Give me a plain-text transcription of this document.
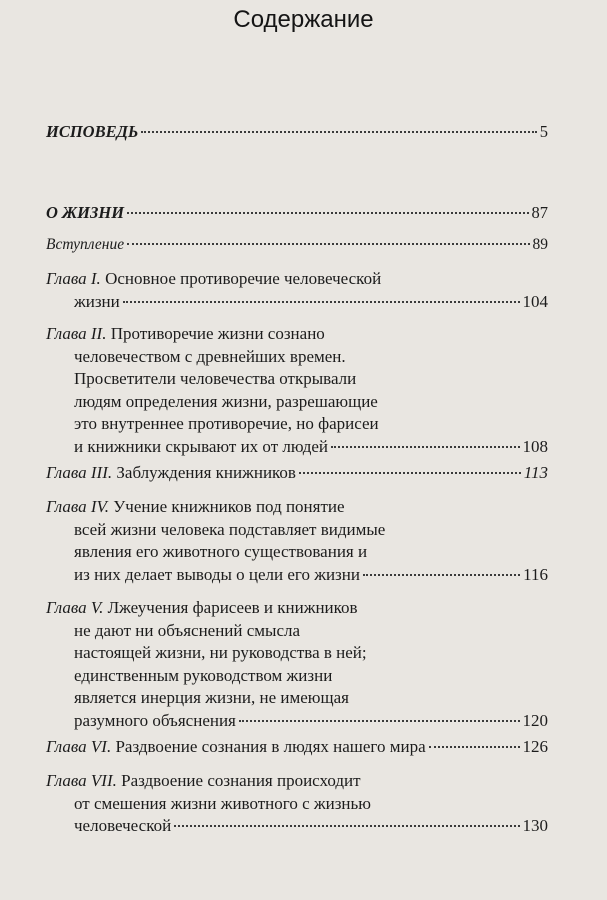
Содержание
ИСПОВЕДЬ	5
О ЖИЗНИ	87
Вступление	89
Глава I.
Основное противоречие человеческой
жизни	104
Глава II.
Противоречие жизни сознано
человечеством с древнейших времен.
Просветители человечества открывали
людям определения жизни, разрешающие
это внутреннее противоречие, но фарисеи
и книжники скрывают их от людей	108
Глава III.
Заблуждения книжников	113
Глава IV.
Учение книжников под понятие
всей жизни человека подставляет видимые
явления его животного существования и
из них делает выводы о цели его жизни	116
Глава V.
Лжеучения фарисеев и книжников
не дают ни объяснений смысла
настоящей жизни, ни руководства в ней;
единственным руководством жизни
является инерция жизни, не имеющая
разумного объяснения	120
Глава VI.
Раздвоение сознания в людях нашего мира	126
Глава VII.
Раздвоение сознания происходит
от смешения жизни животного с жизнью
человеческой	130
